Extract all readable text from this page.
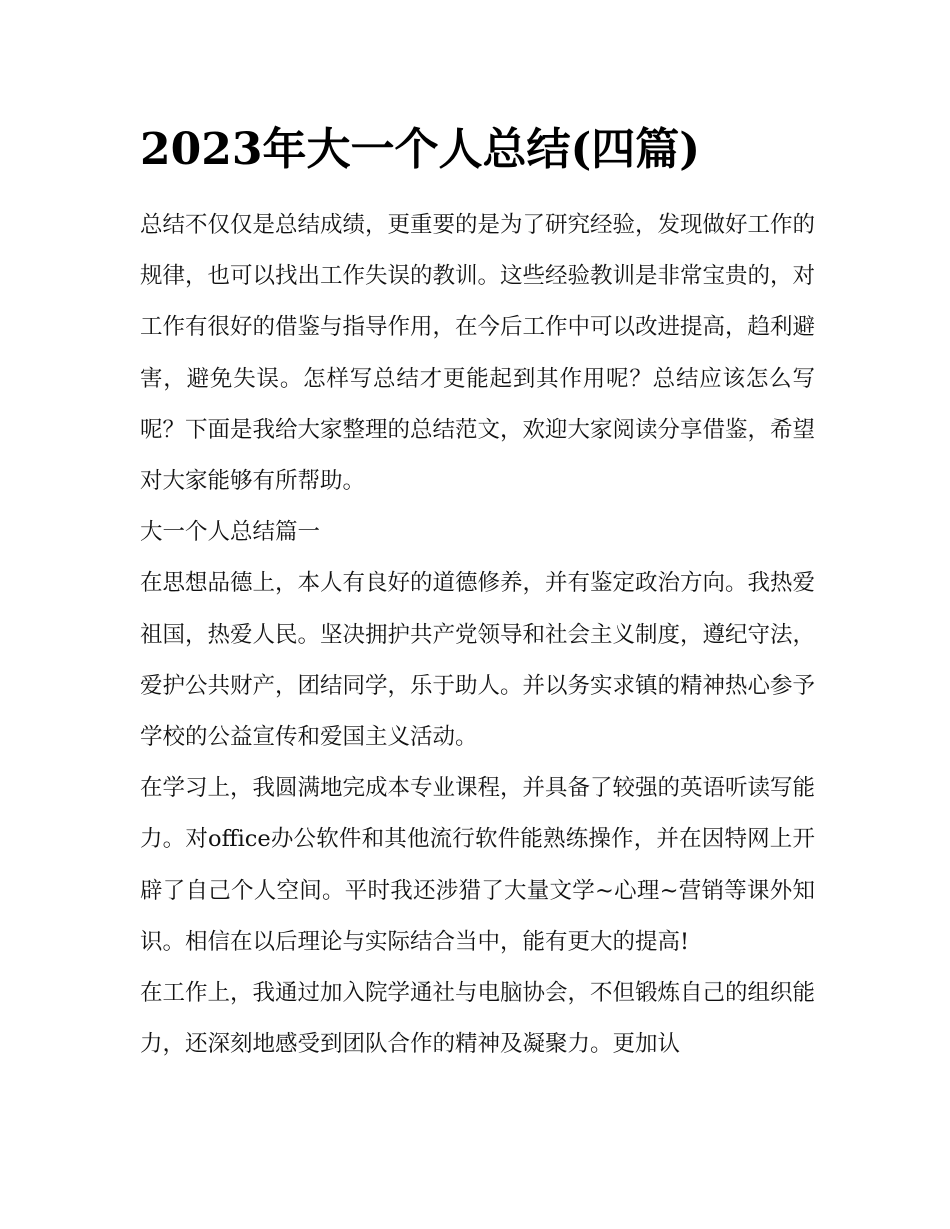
2023年大一个人总结(四篇)

总结不仅仅是总结成绩，更重要的是为了研究经验，发现做好工作的规律，也可以找出工作失误的教训。这些经验教训是非常宝贵的，对工作有很好的借鉴与指导作用，在今后工作中可以改进提高，趋利避害，避免失误。怎样写总结才更能起到其作用呢？总结应该怎么写呢？下面是我给大家整理的总结范文，欢迎大家阅读分享借鉴，希望对大家能够有所帮助。

大一个人总结篇一

在思想品德上，本人有良好的道德修养，并有鉴定政治方向。我热爱祖国，热爱人民。坚决拥护共产党领导和社会主义制度，遵纪守法，爱护公共财产，团结同学，乐于助人。并以务实求镇的精神热心参予学校的公益宣传和爱国主义活动。

在学习上，我圆满地完成本专业课程，并具备了较强的英语听读写能力。对office办公软件和其他流行软件能熟练操作，并在因特网上开辟了自己个人空间。平时我还涉猎了大量文学~心理~营销等课外知识。相信在以后理论与实际结合当中，能有更大的提高!

在工作上，我通过加入院学通社与电脑协会，不但锻炼自己的组织能力，还深刻地感受到团队合作的精神及凝聚力。更加认
